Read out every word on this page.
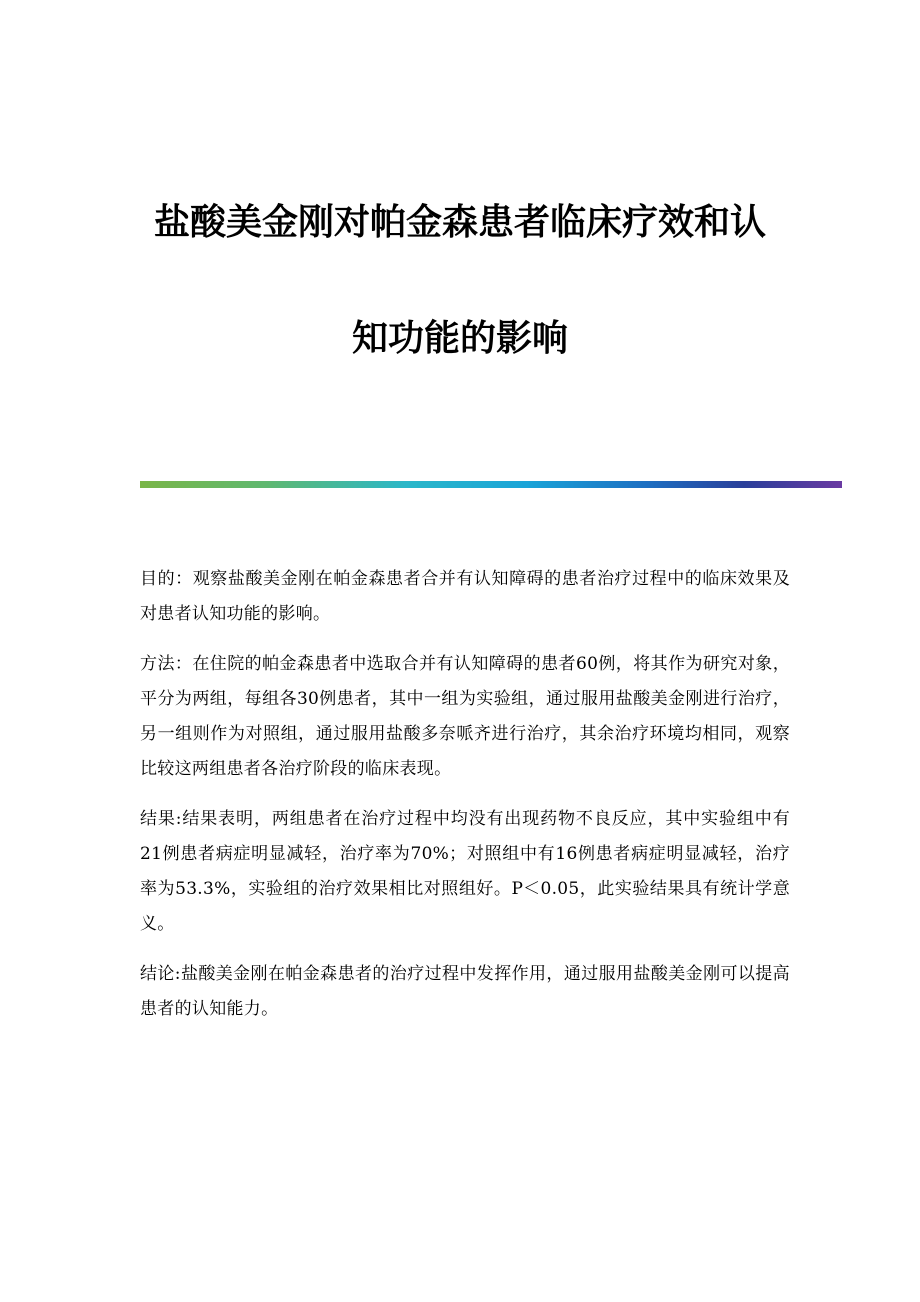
盐酸美金刚对帕金森患者临床疗效和认
知功能的影响

目的：观察盐酸美金刚在帕金森患者合并有认知障碍的患者治疗过程中的临床效果及对患者认知功能的影响。

方法：在住院的帕金森患者中选取合并有认知障碍的患者60例，将其作为研究对象，平分为两组，每组各30例患者，其中一组为实验组，通过服用盐酸美金刚进行治疗，另一组则作为对照组，通过服用盐酸多奈哌齐进行治疗，其余治疗环境均相同，观察比较这两组患者各治疗阶段的临床表现。

结果:结果表明，两组患者在治疗过程中均没有出现药物不良反应，其中实验组中有21例患者病症明显减轻，治疗率为70%；对照组中有16例患者病症明显减轻，治疗率为53.3%，实验组的治疗效果相比对照组好。P＜0.05，此实验结果具有统计学意义。

结论:盐酸美金刚在帕金森患者的治疗过程中发挥作用，通过服用盐酸美金刚可以提高患者的认知能力。
